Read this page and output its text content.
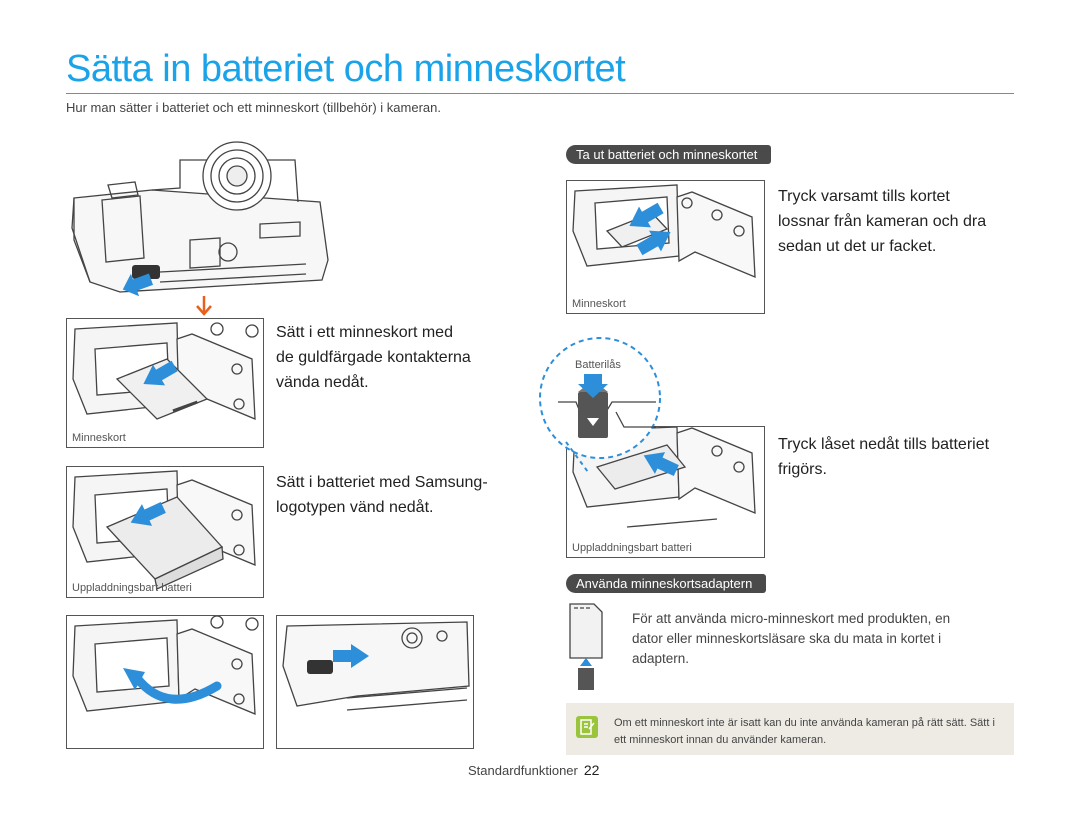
Sätta in batteriet och minneskortet
Hur man sätter i batteriet och ett minneskort (tillbehör) i kameran.
Minneskort
Sätt i ett minneskort med
de guldfärgade kontakterna
vända nedåt.
Uppladdningsbart batteri
Sätt i batteriet med Samsung-
logotypen vänd nedåt.
Ta ut batteriet och minneskortet
Minneskort
Tryck varsamt tills kortet
lossnar från kameran och dra
sedan ut det ur facket.
Uppladdningsbart batteri
Batterilås
Tryck låset nedåt tills batteriet
frigörs.
Använda minneskortsadaptern
För att använda micro-minneskort med produkten, en
dator eller minneskortsläsare ska du mata in kortet i
adaptern.
Om ett minneskort inte är isatt kan du inte använda kameran på rätt sätt. Sätt i
ett minneskort innan du använder kameran.
Standardfunktioner 22
